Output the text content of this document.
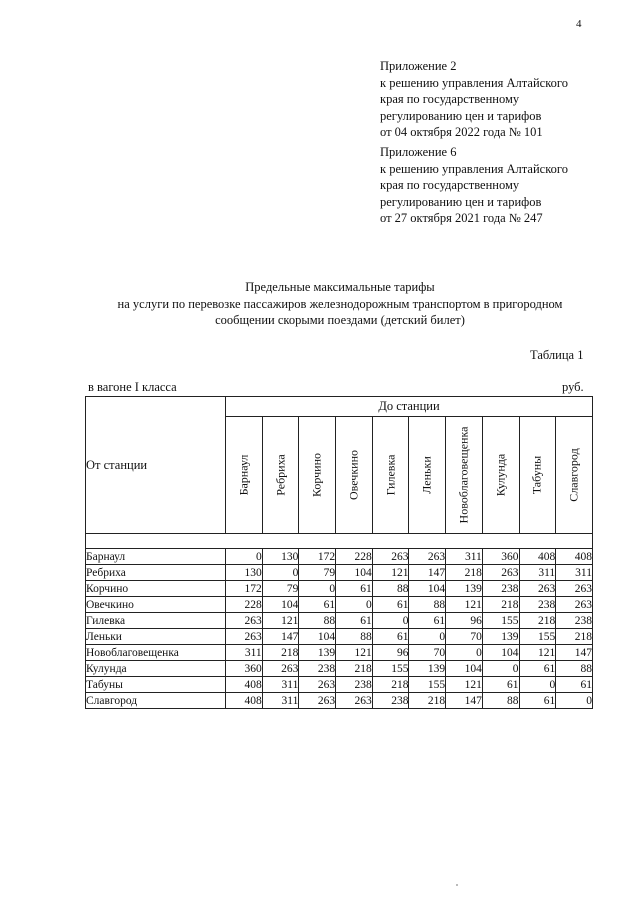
4
Приложение 2
к решению управления Алтайского
края по государственному
регулированию цен и тарифов
от 04 октября 2022 года № 101
Приложение 6
к решению управления Алтайского
края по государственному
регулированию цен и тарифов
от 27 октября 2021 года № 247
Предельные максимальные тарифы
на услуги по перевозке пассажиров железнодорожным транспортом в пригородном
сообщении скорыми поездами (детский билет)
Таблица 1
в вагоне I класса	руб.
От станции	До станции									

	Барнаул	Ребриха	Корчино	Овечкино	Гилевка	Леньки	Новоблаговещенка	Кулунда	Табуны	Славгород

Барнаул	0	130	172	228	263	263	311	360	408	408
Ребриха	130	0	79	104	121	147	218	263	311	311
Корчино	172	79	0	61	88	104	139	238	263	263
Овечкино	228	104	61	0	61	88	121	218	238	263
Гилевка	263	121	88	61	0	61	96	155	218	238
Леньки	263	147	104	88	61	0	70	139	155	218
Новоблаговещенка	311	218	139	121	96	70	0	104	121	147
Кулунда	360	263	238	218	155	139	104	0	61	88
Табуны	408	311	263	238	218	155	121	61	0	61
Славгород	408	311	263	263	238	218	147	88	61	0
